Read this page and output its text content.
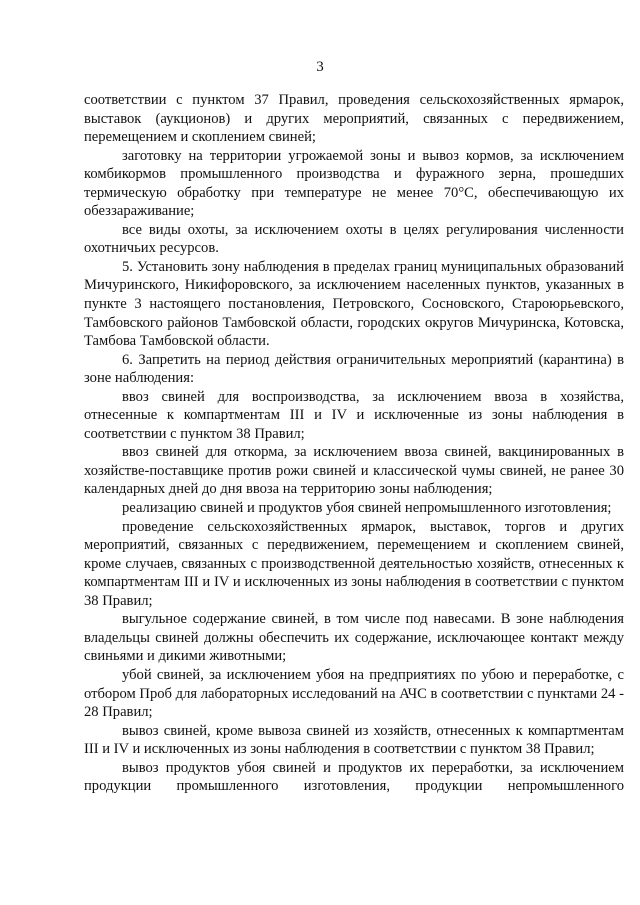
3

соответствии с пунктом 37 Правил, проведения сельскохозяйственных ярмарок, выставок (аукционов) и других мероприятий, связанных с передвижением, перемещением и скоплением свиней;

заготовку на территории угрожаемой зоны и вывоз кормов, за исключением комбикормов промышленного производства и фуражного зерна, прошедших термическую обработку при температуре не менее 70°С, обеспечивающую их обеззараживание;

все виды охоты, за исключением охоты в целях регулирования численности охотничьих ресурсов.

5. Установить зону наблюдения в пределах границ муниципальных образований Мичуринского, Никифоровского, за исключением населенных пунктов, указанных в пункте 3 настоящего постановления, Петровского, Сосновского, Староюрьевского, Тамбовского районов Тамбовской области, городских округов Мичуринска, Котовска, Тамбова Тамбовской области.

6. Запретить на период действия ограничительных мероприятий (карантина) в зоне наблюдения:

ввоз свиней для воспроизводства, за исключением ввоза в хозяйства, отнесенные к компартментам III и IV и исключенные из зоны наблюдения в соответствии с пунктом 38 Правил;

ввоз свиней для откорма, за исключением ввоза свиней, вакцинированных в хозяйстве-поставщике против рожи свиней и классической чумы свиней, не ранее 30 календарных дней до дня ввоза на территорию зоны наблюдения;

реализацию свиней и продуктов убоя свиней непромышленного изготовления;

проведение сельскохозяйственных ярмарок, выставок, торгов и других мероприятий, связанных с передвижением, перемещением и скоплением свиней, кроме случаев, связанных с производственной деятельностью хозяйств, отнесенных к компартментам III и IV и исключенных из зоны наблюдения в соответствии с пунктом 38 Правил;

выгульное содержание свиней, в том числе под навесами. В зоне наблюдения владельцы свиней должны обеспечить их содержание, исключающее контакт между свиньями и дикими животными;

убой свиней, за исключением убоя на предприятиях по убою и переработке, с отбором Проб для лабораторных исследований на АЧС в соответствии с пунктами 24 - 28 Правил;

вывоз свиней, кроме вывоза свиней из хозяйств, отнесенных к компартментам III и IV и исключенных из зоны наблюдения в соответствии с пунктом 38 Правил;

вывоз продуктов убоя свиней и продуктов их переработки, за исключением продукции промышленного изготовления, продукции непромышленного
